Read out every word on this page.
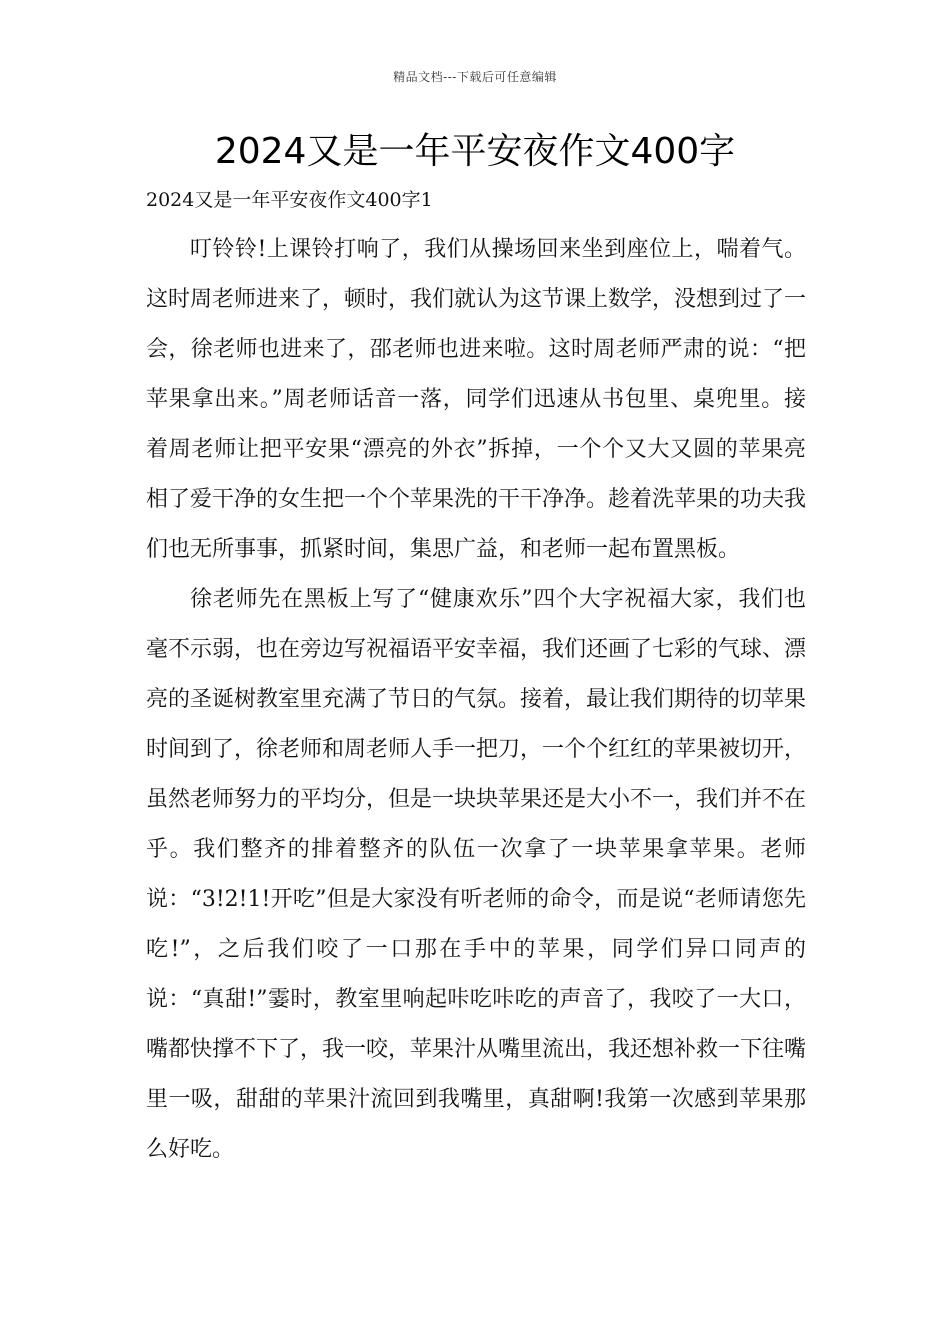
精品文档---下载后可任意编辑
2024又是一年平安夜作文400字
2024又是一年平安夜作文400字1

叮铃铃!上课铃打响了，我们从操场回来坐到座位上，喘着气。这时周老师进来了，顿时，我们就认为这节课上数学，没想到过了一会，徐老师也进来了，邵老师也进来啦。这时周老师严肃的说：“把苹果拿出来。”周老师话音一落，同学们迅速从书包里、桌兜里。接着周老师让把平安果“漂亮的外衣”拆掉，一个个又大又圆的苹果亮相了爱干净的女生把一个个苹果洗的干干净净。趁着洗苹果的功夫我们也无所事事，抓紧时间，集思广益，和老师一起布置黑板。

徐老师先在黑板上写了“健康欢乐”四个大字祝福大家，我们也毫不示弱，也在旁边写祝福语平安幸福，我们还画了七彩的气球、漂亮的圣诞树教室里充满了节日的气氛。接着，最让我们期待的切苹果时间到了，徐老师和周老师人手一把刀，一个个红红的苹果被切开，虽然老师努力的平均分，但是一块块苹果还是大小不一，我们并不在乎。我们整齐的排着整齐的队伍一次拿了一块苹果拿苹果。老师说：“3!2!1!开吃”但是大家没有听老师的命令，而是说“老师请您先吃!”，之后我们咬了一口那在手中的苹果，同学们异口同声的说：“真甜!”霎时，教室里响起咔吃咔吃的声音了，我咬了一大口，嘴都快撑不下了，我一咬，苹果汁从嘴里流出，我还想补救一下往嘴里一吸，甜甜的苹果汁流回到我嘴里，真甜啊!我第一次感到苹果那么好吃。
